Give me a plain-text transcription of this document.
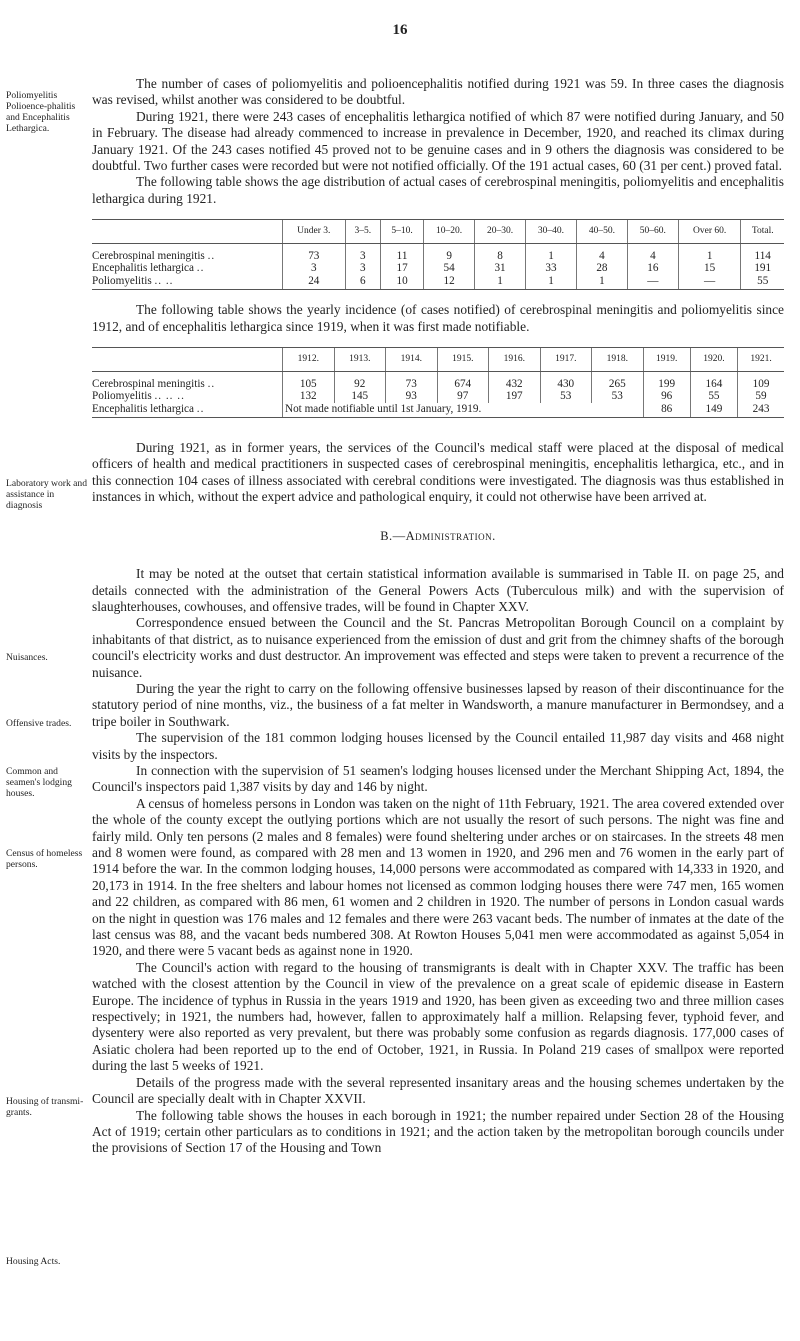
16
Poliomyelitis Polioence-phalitis and Encephalitis Lethargica.
Laboratory work and assistance in diagnosis
Nuisances.
Offensive trades.
Common and seamen's lodging houses.
Census of homeless persons.
Housing of transmi-grants.
Housing Acts.

The number of cases of poliomyelitis and polioencephalitis notified during 1921 was 59. In three cases the diagnosis was revised, whilst another was considered to be doubtful.

During 1921, there were 243 cases of encephalitis lethargica notified of which 87 were notified during January, and 50 in February. The disease had already commenced to increase in prevalence in December, 1920, and reached its climax during January 1921. Of the 243 cases notified 45 proved not to be genuine cases and in 9 others the diagnosis was considered to be doubtful. Two further cases were recorded but were not notified officially. Of the 191 actual cases, 60 (31 per cent.) proved fatal.

The following table shows the age distribution of actual cases of cerebrospinal meningitis, poliomyelitis and encephalitis lethargica during 1921.

	Under 3.	3–5.	5–10.	10–20.	20–30.	30–40.	40–50.	50–60.	Over 60.	Total.
Cerebrospinal meningitis ..	73	3	11	9	8	1	4	4	1	114
Encephalitis lethargica ..	3	3	17	54	31	33	28	16	15	191
Poliomyelitis .. ..	24	6	10	12	1	1	1	—	—	55

The following table shows the yearly incidence (of cases notified) of cerebrospinal meningitis and poliomyelitis since 1912, and of encephalitis lethargica since 1919, when it was first made notifiable.

	1912.	1913.	1914.	1915.	1916.	1917.	1918.	1919.	1920.	1921.
Cerebrospinal meningitis ..	105	92	73	674	432	430	265	199	164	109
Poliomyelitis .. .. ..	132	145	93	97	197	53	53	96	55	59
Encephalitis lethargica ..	Not made notifiable until 1st January, 1919.							86	149	243

During 1921, as in former years, the services of the Council's medical staff were placed at the disposal of medical officers of health and medical practitioners in suspected cases of cerebrospinal meningitis, encephalitis lethargica, etc., and in this connection 104 cases of illness associated with cerebral conditions were investigated. The diagnosis was thus established in instances in which, without the expert advice and pathological enquiry, it could not otherwise have been arrived at.

B.—Administration.

It may be noted at the outset that certain statistical information available is summarised in Table II. on page 25, and details connected with the administration of the General Powers Acts (Tuberculous milk) and with the supervision of slaughterhouses, cowhouses, and offensive trades, will be found in Chapter XXV.

Correspondence ensued between the Council and the St. Pancras Metropolitan Borough Council on a complaint by inhabitants of that district, as to nuisance experienced from the emission of dust and grit from the chimney shafts of the borough council's electricity works and dust destructor. An improvement was effected and steps were taken to prevent a recurrence of the nuisance.

During the year the right to carry on the following offensive businesses lapsed by reason of their discontinuance for the statutory period of nine months, viz., the business of a fat melter in Wandsworth, a manure manufacturer in Bermondsey, and a tripe boiler in Southwark.

The supervision of the 181 common lodging houses licensed by the Council entailed 11,987 day visits and 468 night visits by the inspectors.

In connection with the supervision of 51 seamen's lodging houses licensed under the Merchant Shipping Act, 1894, the Council's inspectors paid 1,387 visits by day and 146 by night.

A census of homeless persons in London was taken on the night of 11th February, 1921. The area covered extended over the whole of the county except the outlying portions which are not usually the resort of such persons. The night was fine and fairly mild. Only ten persons (2 males and 8 females) were found sheltering under arches or on staircases. In the streets 48 men and 8 women were found, as compared with 28 men and 13 women in 1920, and 296 men and 76 women in the early part of 1914 before the war. In the common lodging houses, 14,000 persons were accommodated as compared with 14,333 in 1920, and 20,173 in 1914. In the free shelters and labour homes not licensed as common lodging houses there were 747 men, 165 women and 22 children, as compared with 86 men, 61 women and 2 children in 1920. The number of persons in London casual wards on the night in question was 176 males and 12 females and there were 263 vacant beds. The number of inmates at the date of the last census was 88, and the vacant beds numbered 308. At Rowton Houses 5,041 men were accommodated as against 5,054 in 1920, and there were 5 vacant beds as against none in 1920.

The Council's action with regard to the housing of transmigrants is dealt with in Chapter XXV. The traffic has been watched with the closest attention by the Council in view of the prevalence on a great scale of epidemic disease in Eastern Europe. The incidence of typhus in Russia in the years 1919 and 1920, has been given as exceeding two and three million cases respectively; in 1921, the numbers had, however, fallen to approximately half a million. Relapsing fever, typhoid fever, and dysentery were also reported as very prevalent, but there was probably some confusion as regards diagnosis. 177,000 cases of Asiatic cholera had been reported up to the end of October, 1921, in Russia. In Poland 219 cases of smallpox were reported during the last 5 weeks of 1921.

Details of the progress made with the several represented insanitary areas and the housing schemes undertaken by the Council are specially dealt with in Chapter XXVII.

The following table shows the houses in each borough in 1921; the number repaired under Section 28 of the Housing Act of 1919; certain other particulars as to conditions in 1921; and the action taken by the metropolitan borough councils under the provisions of Section 17 of the Housing and Town
